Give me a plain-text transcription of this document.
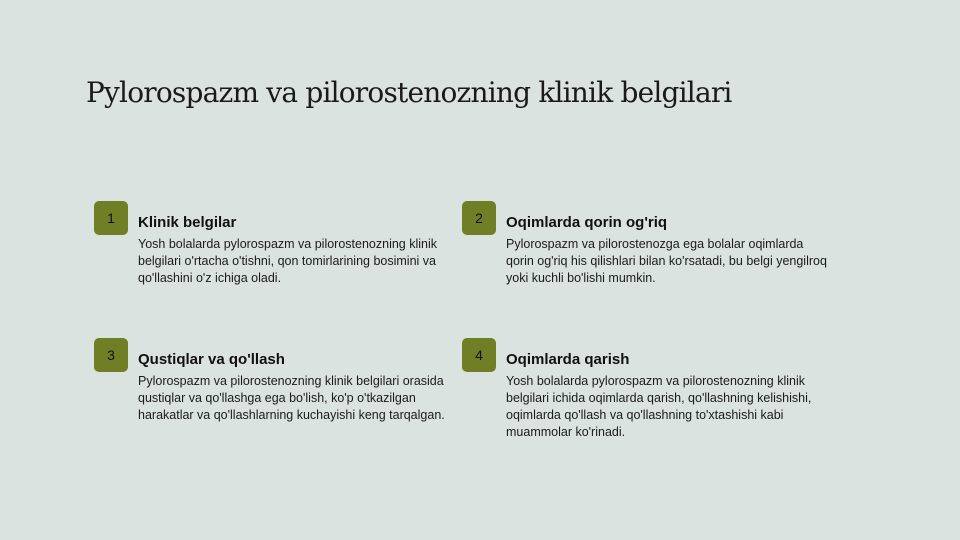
Pylorospazm va pilorostenozning klinik belgilari
1	Klinik belgilar

Yosh bolalarda pylorospazm va pilorostenozning klinik belgilari o'rtacha o'tishni, qon tomirlarining bosimini va qo'llashini o'z ichiga oladi.

2	Oqimlarda qorin og'riq

Pylorospazm va pilorostenozga ega bolalar oqimlarda qorin og'riq his qilishlari bilan ko'rsatadi, bu belgi yengilroq yoki kuchli bo'lishi mumkin.

3	Qustiqlar va qo'llash

Pylorospazm va pilorostenozning klinik belgilari orasida qustiqlar va qo'llashga ega bo'lish, ko'p o'tkazilgan harakatlar va qo'llashlarning kuchayishi keng tarqalgan.

4	Oqimlarda qarish

Yosh bolalarda pylorospazm va pilorostenozning klinik belgilari ichida oqimlarda qarish, qo'llashning kelishishi, oqimlarda qo'llash va qo'llashning to'xtashishi kabi muammolar ko'rinadi.
